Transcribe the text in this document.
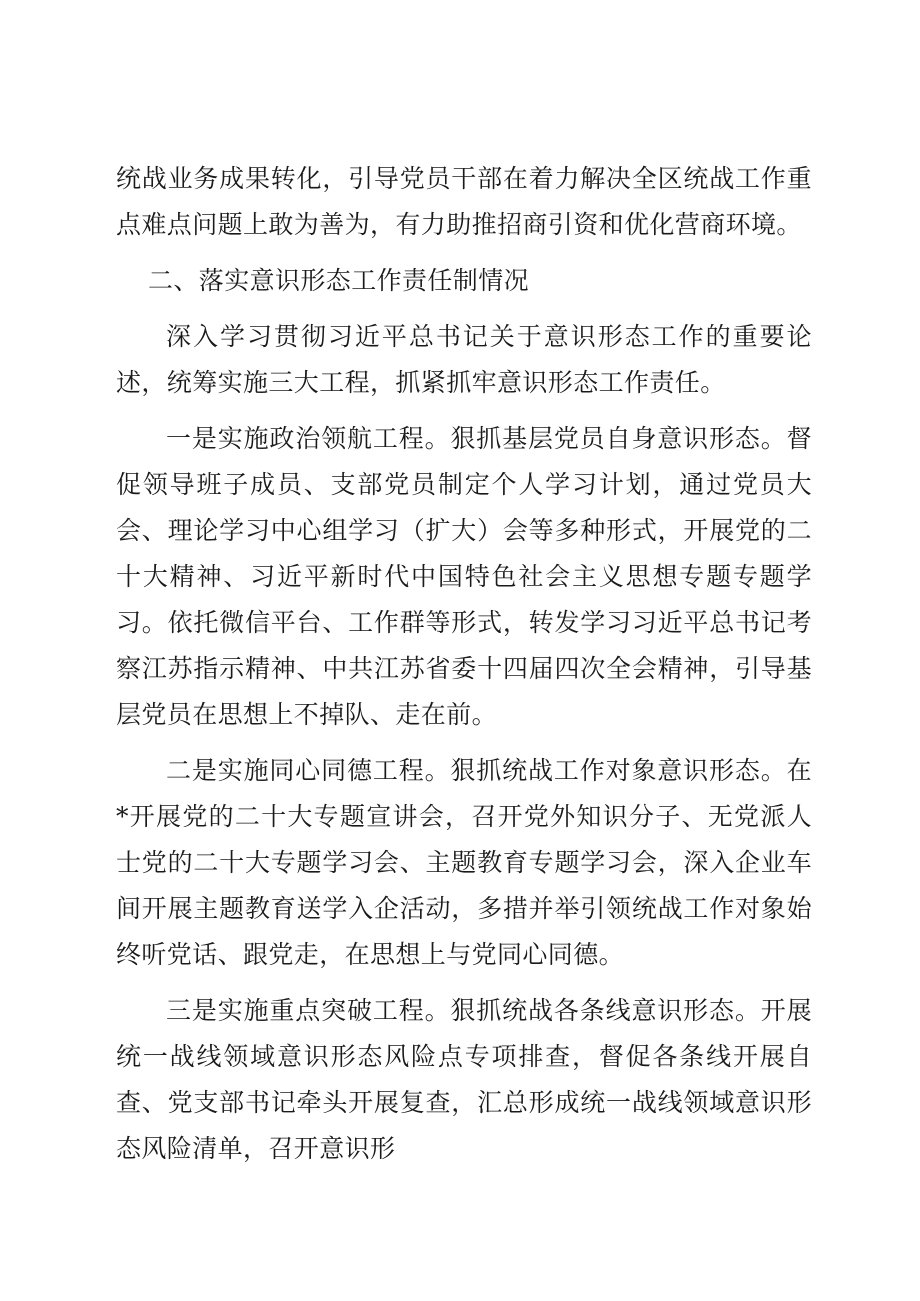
统战业务成果转化，引导党员干部在着力解决全区统战工作重点难点问题上敢为善为，有力助推招商引资和优化营商环境。

二、落实意识形态工作责任制情况

深入学习贯彻习近平总书记关于意识形态工作的重要论述，统筹实施三大工程，抓紧抓牢意识形态工作责任。

一是实施政治领航工程。狠抓基层党员自身意识形态。督促领导班子成员、支部党员制定个人学习计划，通过党员大会、理论学习中心组学习（扩大）会等多种形式，开展党的二十大精神、习近平新时代中国特色社会主义思想专题专题学习。依托微信平台、工作群等形式，转发学习习近平总书记考察江苏指示精神、中共江苏省委十四届四次全会精神，引导基层党员在思想上不掉队、走在前。

二是实施同心同德工程。狠抓统战工作对象意识形态。在*开展党的二十大专题宣讲会，召开党外知识分子、无党派人士党的二十大专题学习会、主题教育专题学习会，深入企业车间开展主题教育送学入企活动，多措并举引领统战工作对象始终听党话、跟党走，在思想上与党同心同德。

三是实施重点突破工程。狠抓统战各条线意识形态。开展统一战线领域意识形态风险点专项排查，督促各条线开展自查、党支部书记牵头开展复查，汇总形成统一战线领域意识形态风险清单，召开意识形
